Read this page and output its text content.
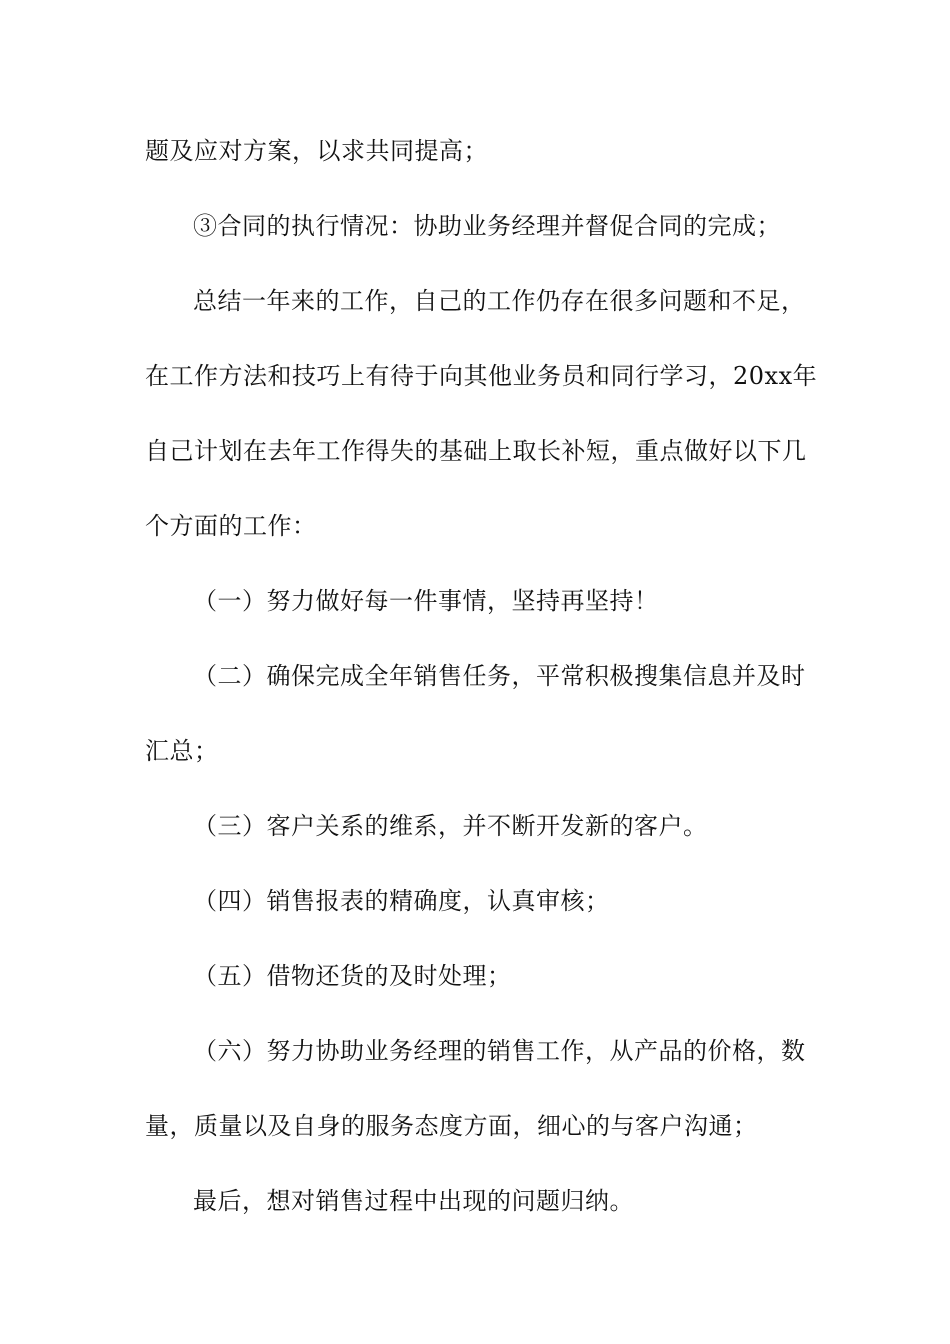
题及应对方案，以求共同提高；
③合同的执行情况：协助业务经理并督促合同的完成；
总结一年来的工作，自己的工作仍存在很多问题和不足，
在工作方法和技巧上有待于向其他业务员和同行学习，20xx年
自己计划在去年工作得失的基础上取长补短，重点做好以下几
个方面的工作：
（一）努力做好每一件事情，坚持再坚持！
（二）确保完成全年销售任务，平常积极搜集信息并及时
汇总；
（三）客户关系的维系，并不断开发新的客户。
（四）销售报表的精确度，认真审核；
（五）借物还货的及时处理；
（六）努力协助业务经理的销售工作，从产品的价格，数
量，质量以及自身的服务态度方面，细心的与客户沟通；
最后，想对销售过程中出现的问题归纳。
